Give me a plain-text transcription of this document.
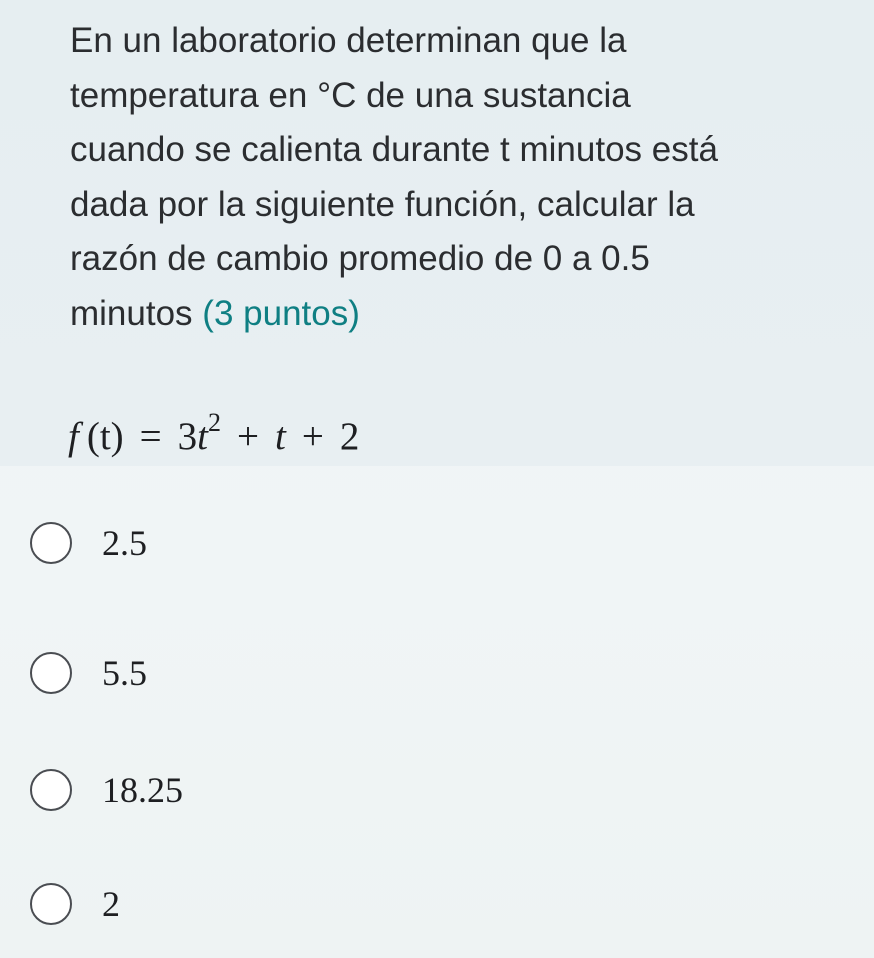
En un laboratorio determinan que la
temperatura en °C de una sustancia
cuando se calienta durante t minutos está
dada por la siguiente función, calcular la
razón de cambio promedio de 0 a 0.5
minutos (3 puntos)

f $(t) = 3t^2 + t + 2$
2.5
5.5
18.25
2
